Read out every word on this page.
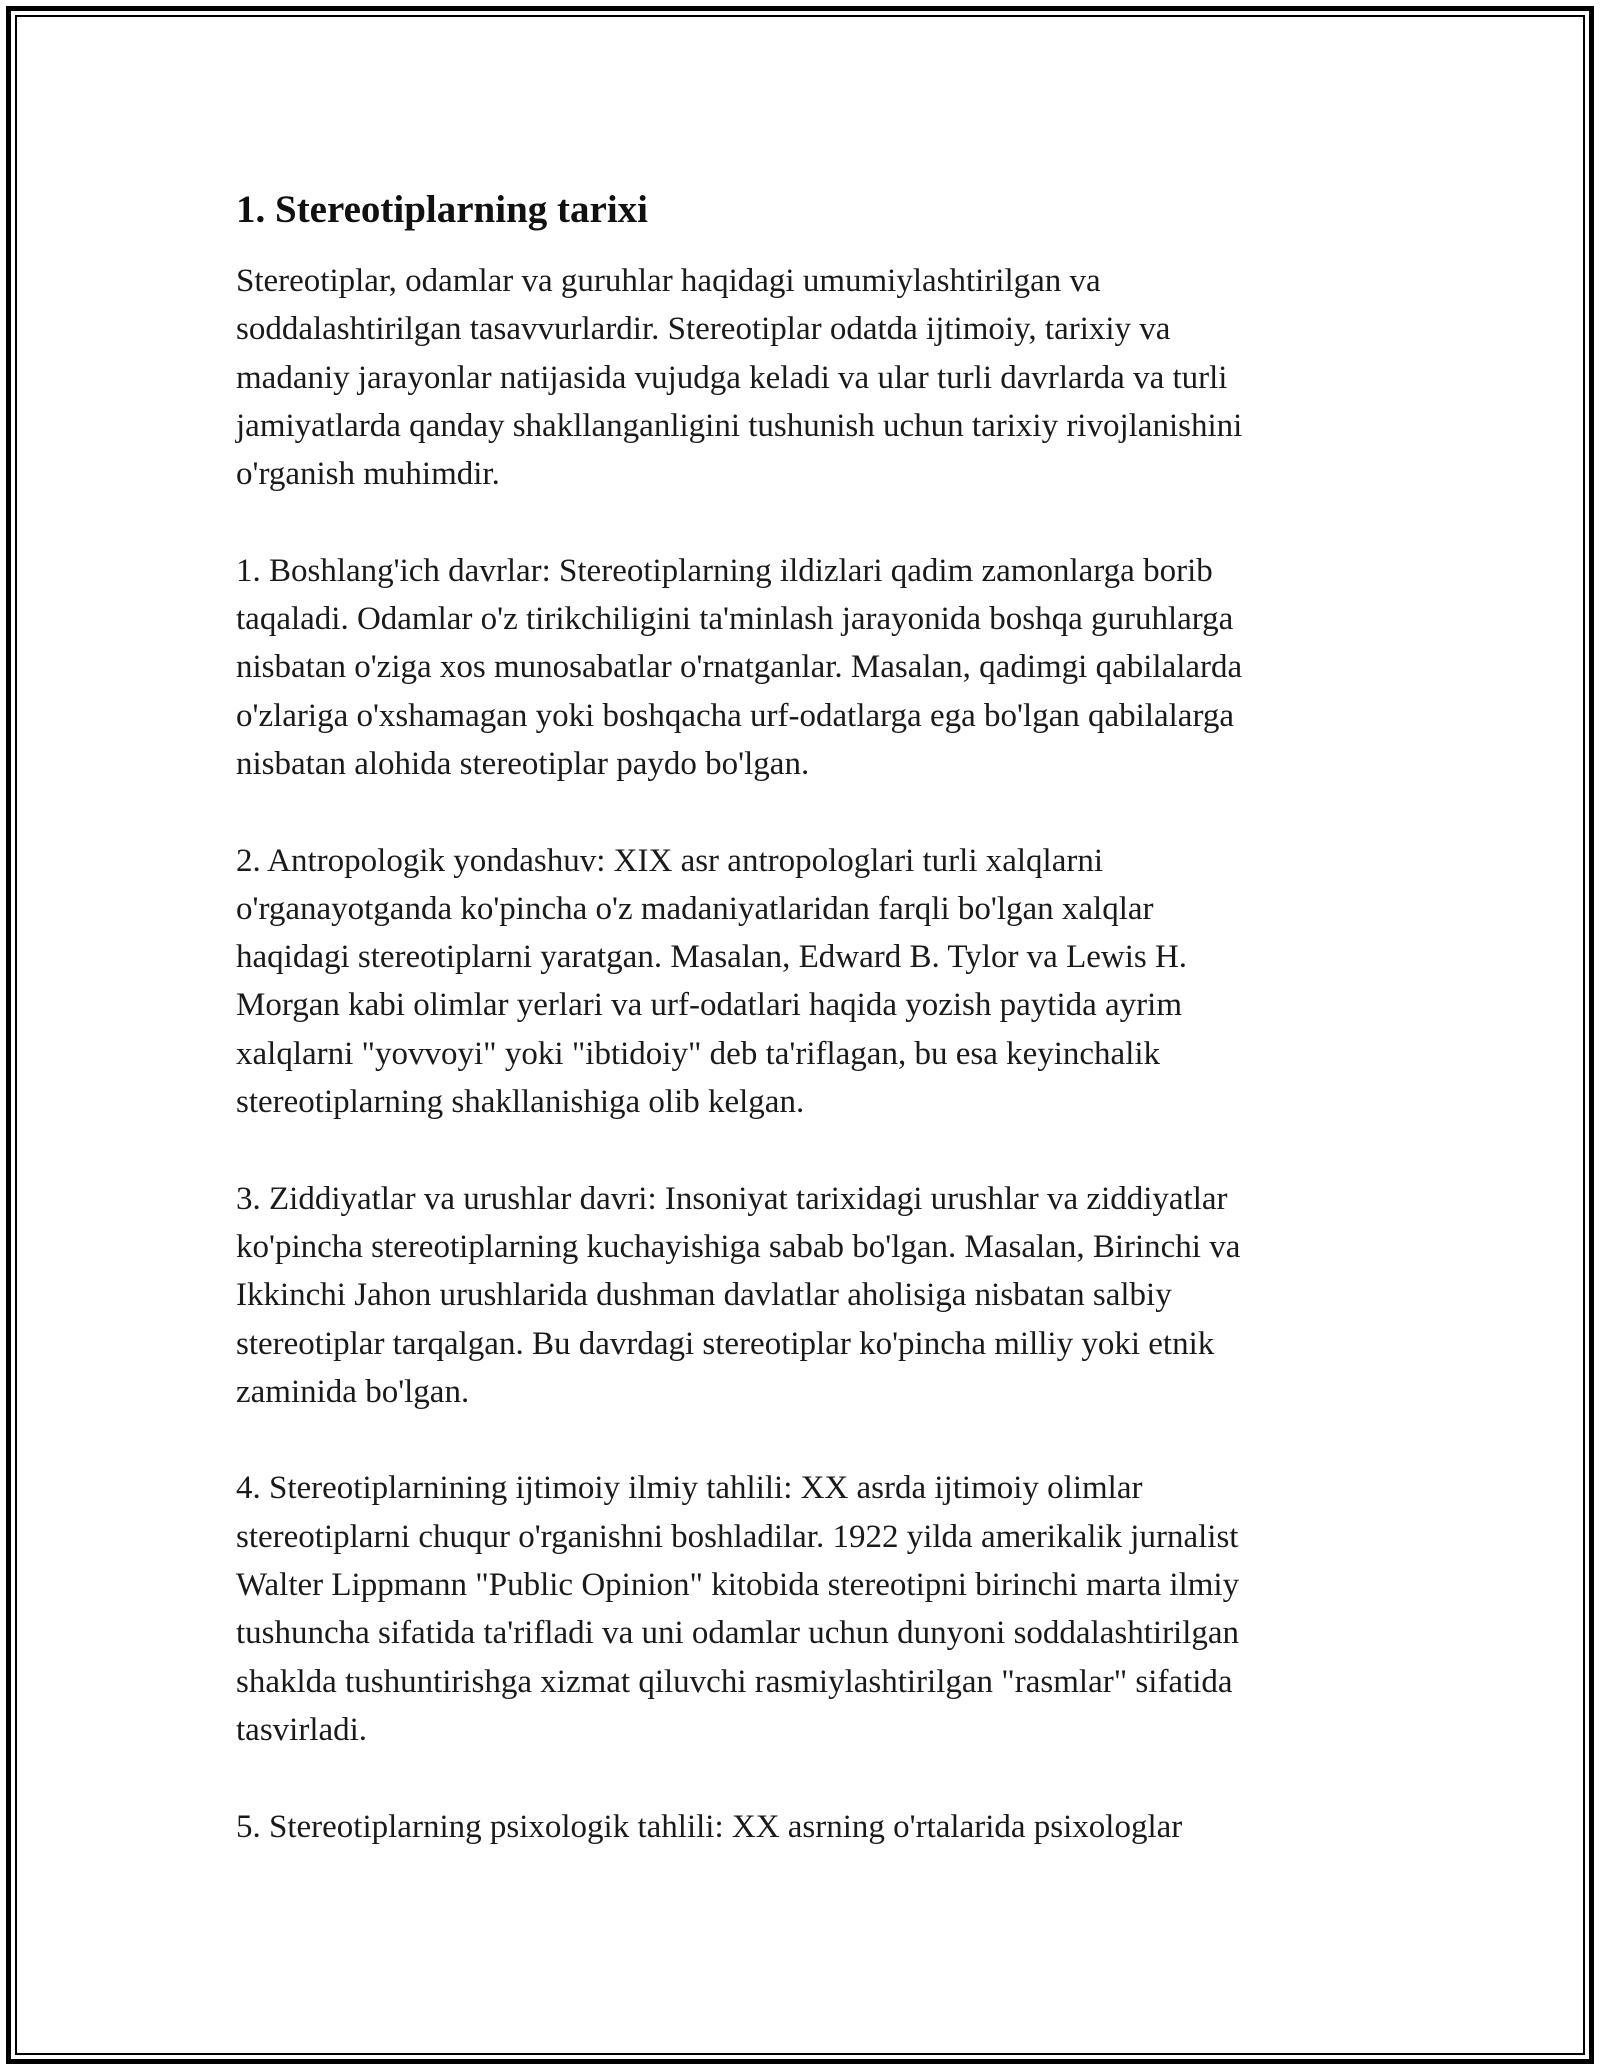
1. Stereotiplarning tarixi

Stereotiplar, odamlar va guruhlar haqidagi umumiylashtirilgan va
soddalashtirilgan tasavvurlardir. Stereotiplar odatda ijtimoiy, tarixiy va
madaniy jarayonlar natijasida vujudga keladi va ular turli davrlarda va turli
jamiyatlarda qanday shakllanganligini tushunish uchun tarixiy rivojlanishini
o'rganish muhimdir.

1. Boshlang'ich davrlar: Stereotiplarning ildizlari qadim zamonlarga borib
taqaladi. Odamlar o'z tirikchiligini ta'minlash jarayonida boshqa guruhlarga
nisbatan o'ziga xos munosabatlar o'rnatganlar. Masalan, qadimgi qabilalarda
o'zlariga o'xshamagan yoki boshqacha urf-odatlarga ega bo'lgan qabilalarga
nisbatan alohida stereotiplar paydo bo'lgan.

2. Antropologik yondashuv: XIX asr antropologlari turli xalqlarni
o'rganayotganda ko'pincha o'z madaniyatlaridan farqli bo'lgan xalqlar
haqidagi stereotiplarni yaratgan. Masalan, Edward B. Tylor va Lewis H.
Morgan kabi olimlar yerlari va urf-odatlari haqida yozish paytida ayrim
xalqlarni "yovvoyi" yoki "ibtidoiy" deb ta'riflagan, bu esa keyinchalik
stereotiplarning shakllanishiga olib kelgan.

3. Ziddiyatlar va urushlar davri: Insoniyat tarixidagi urushlar va ziddiyatlar
ko'pincha stereotiplarning kuchayishiga sabab bo'lgan. Masalan, Birinchi va
Ikkinchi Jahon urushlarida dushman davlatlar aholisiga nisbatan salbiy
stereotiplar tarqalgan. Bu davrdagi stereotiplar ko'pincha milliy yoki etnik
zaminida bo'lgan.

4. Stereotiplarnining ijtimoiy ilmiy tahlili: XX asrda ijtimoiy olimlar
stereotiplarni chuqur o'rganishni boshladilar. 1922 yilda amerikalik jurnalist
Walter Lippmann "Public Opinion" kitobida stereotipni birinchi marta ilmiy
tushuncha sifatida ta'rifladi va uni odamlar uchun dunyoni soddalashtirilgan
shaklda tushuntirishga xizmat qiluvchi rasmiylashtirilgan "rasmlar" sifatida
tasvirladi.

5. Stereotiplarning psixologik tahlili: XX asrning o'rtalarida psixologlar
